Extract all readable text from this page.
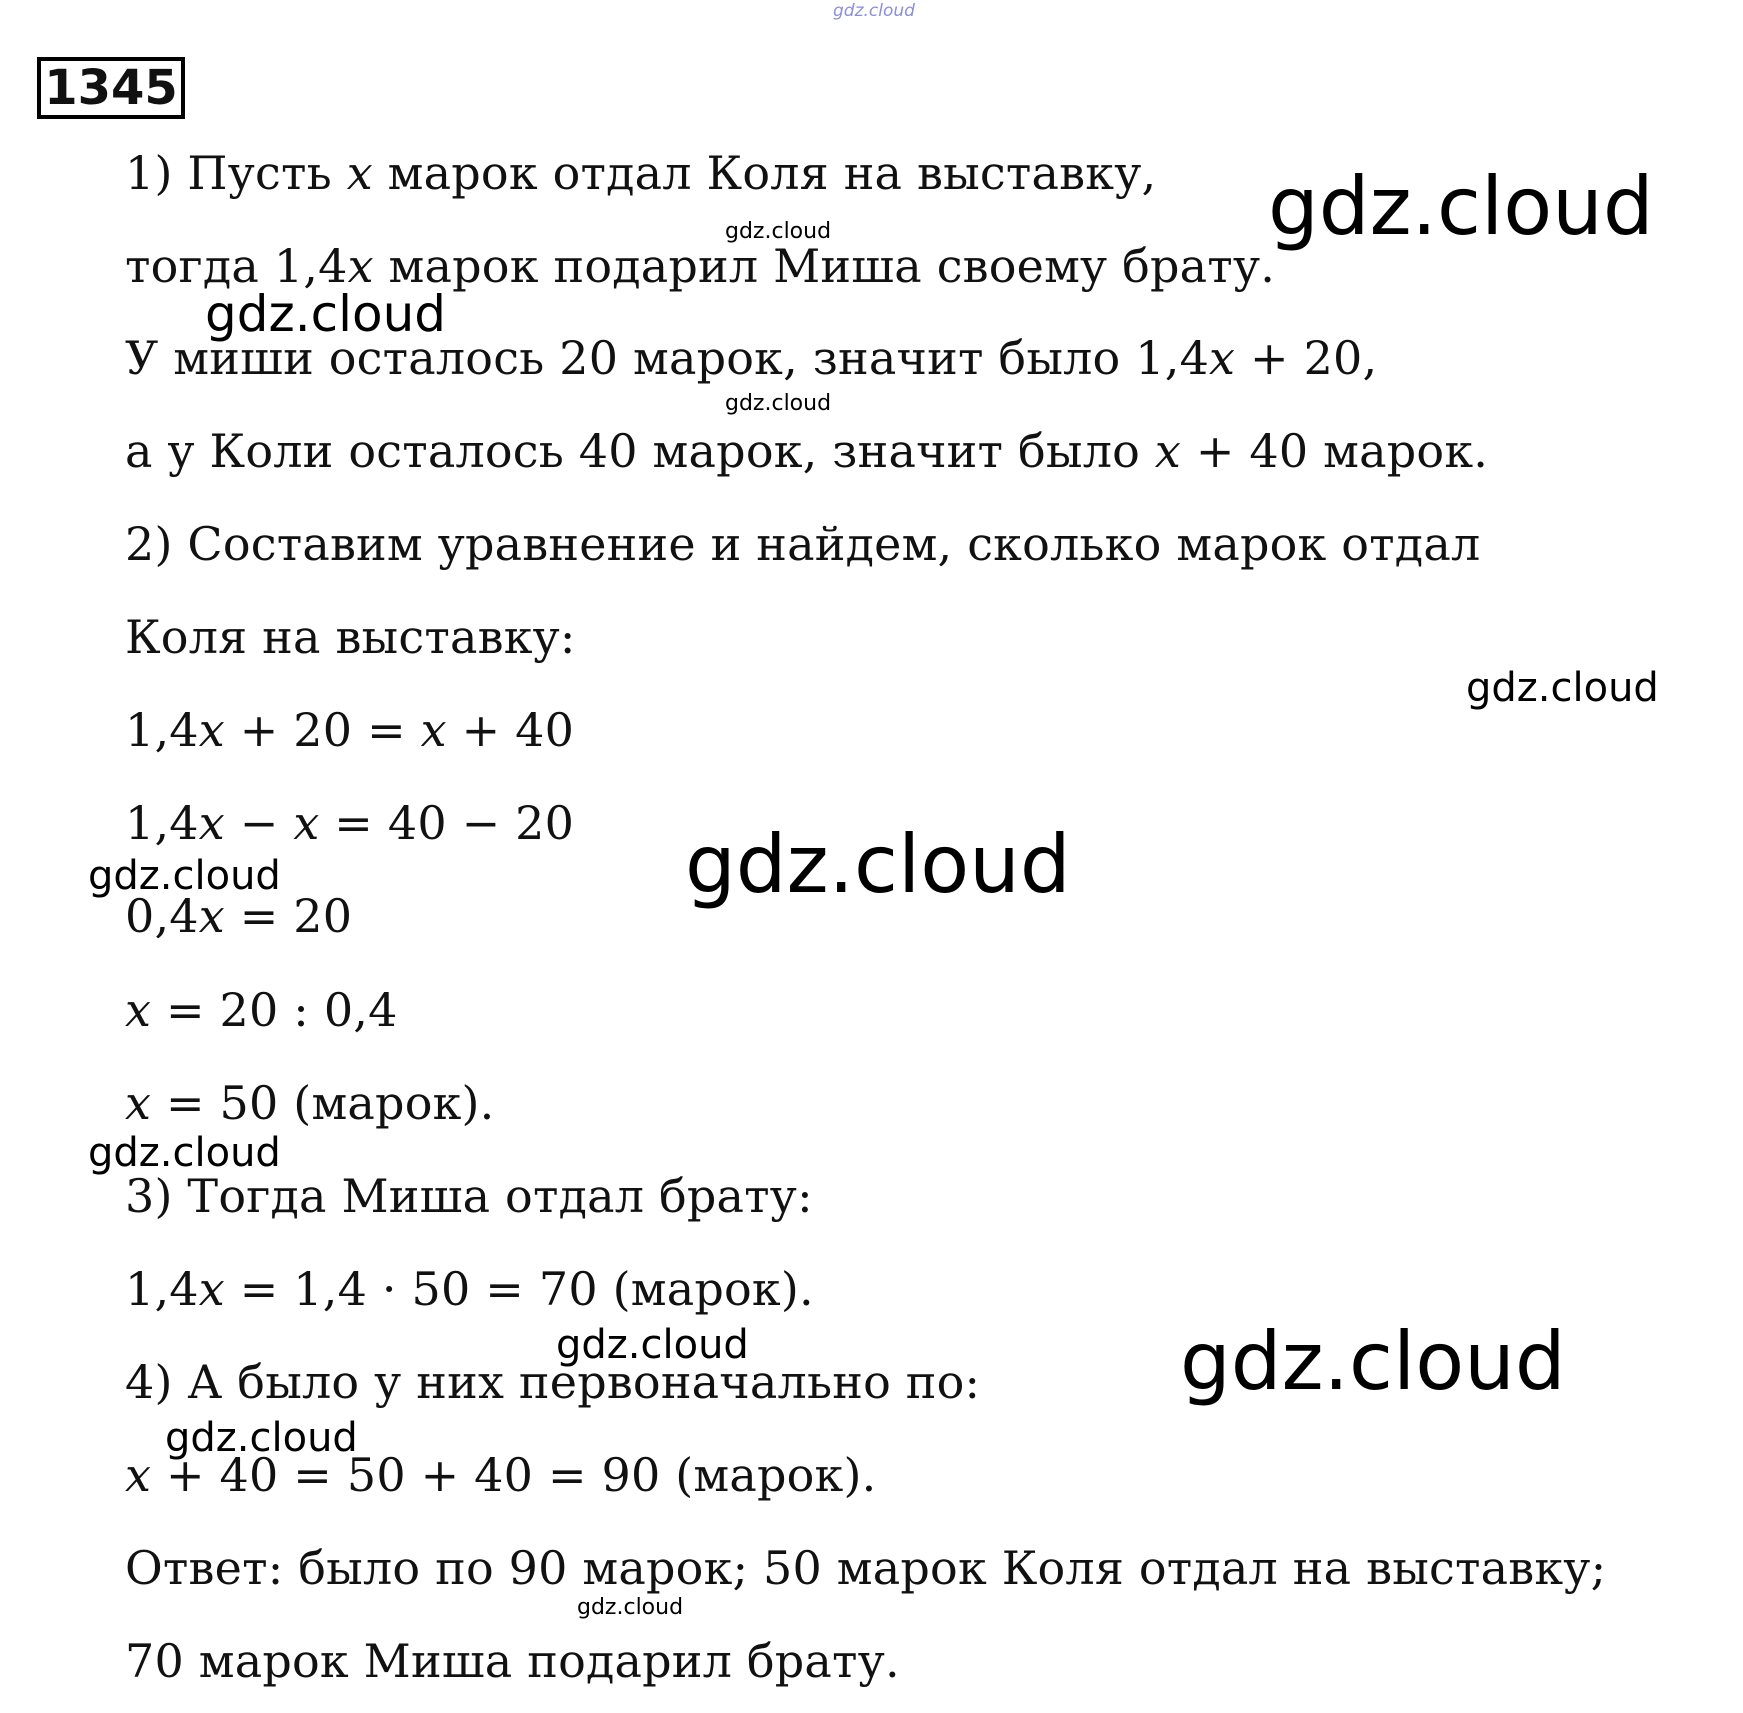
1345
1) Пусть x марок отдал Коля на выставку,
тогда 1,4x марок подарил Миша своему брату.
У миши осталось 20 марок, значит было 1,4x + 20,
а у Коли осталось 40 марок, значит было x + 40 марок.
2) Составим уравнение и найдем, сколько марок отдал
Коля на выставку:
1,4x + 20 = x + 40
1,4x − x = 40 − 20
0,4x = 20
x = 20 : 0,4
x = 50 (марок).
3) Тогда Миша отдал брату:
1,4x = 1,4 · 50 = 70 (марок).
4) А было у них первоначально по:
x + 40 = 50 + 40 = 90 (марок).
Ответ: было по 90 марок; 50 марок Коля отдал на выставку;
70 марок Миша подарил брату.
gdz.cloud
gdz.cloud
gdz.cloud
gdz.cloud
gdz.cloud
gdz.cloud
gdz.cloud
gdz.cloud
gdz.cloud
gdz.cloud	gdz.cloud
gdz.cloud
gdz.cloud
